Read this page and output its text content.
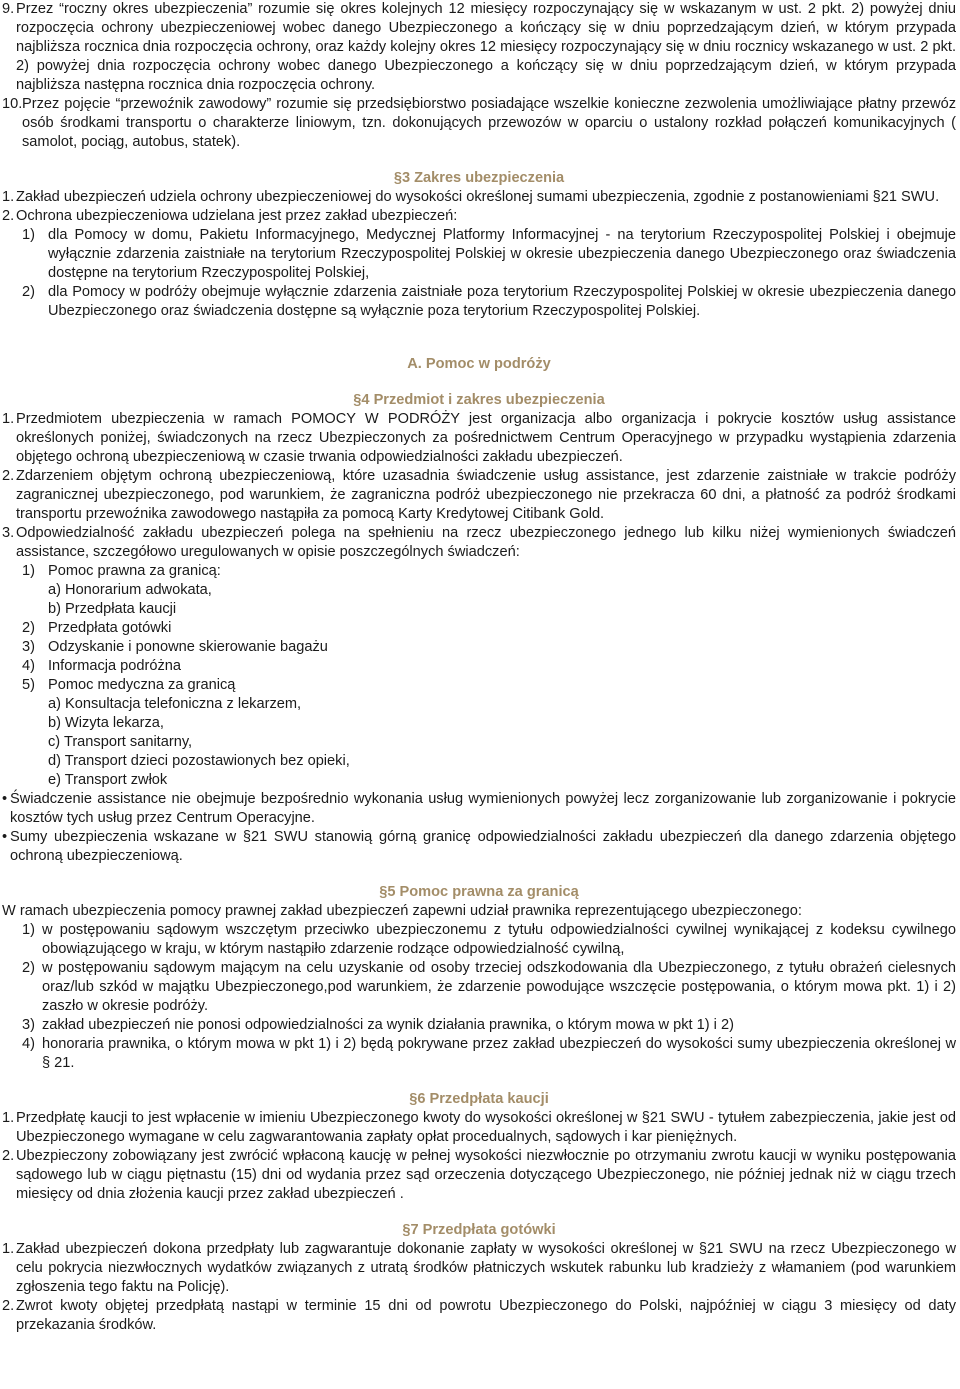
9. Przez “roczny okres ubezpieczenia” rozumie się okres kolejnych 12 miesięcy rozpoczynający się w wskazanym w ust. 2 pkt. 2) powyżej dniu rozpoczęcia ochrony ubezpieczeniowej wobec danego Ubezpieczonego a kończący się w dniu poprzedzającym dzień, w którym przypada najbliższa rocznica dnia rozpoczęcia ochrony, oraz każdy kolejny okres 12 miesięcy rozpoczynający się w dniu rocznicy wskazanego w ust. 2 pkt. 2) powyżej dnia rozpoczęcia ochrony wobec danego Ubezpieczonego a kończący się w dniu poprzedzającym dzień, w którym przypada najbliższa następna rocznica dnia rozpoczęcia ochrony.
10. Przez pojęcie “przewoźnik zawodowy” rozumie się przedsiębiorstwo posiadające wszelkie konieczne zezwolenia umożliwiające płatny przewóz osób środkami transportu o charakterze liniowym, tzn. dokonujących przewozów w oparciu o ustalony rozkład połączeń komunikacyjnych ( samolot, pociąg, autobus, statek).
§3 Zakres ubezpieczenia
1. Zakład ubezpieczeń udziela ochrony ubezpieczeniowej do wysokości określonej sumami ubezpieczenia, zgodnie z postanowieniami §21 SWU.
2. Ochrona ubezpieczeniowa udzielana jest przez zakład ubezpieczeń:
1) dla Pomocy w domu, Pakietu Informacyjnego, Medycznej Platformy Informacyjnej - na terytorium Rzeczypospolitej Polskiej i obejmuje wyłącznie zdarzenia zaistniałe na terytorium Rzeczypospolitej Polskiej w okresie ubezpieczenia danego Ubezpieczonego oraz świadczenia dostępne na terytorium Rzeczypospolitej Polskiej,
2) dla Pomocy w podróży obejmuje wyłącznie zdarzenia zaistniałe poza terytorium Rzeczypospolitej Polskiej w okresie ubezpieczenia danego Ubezpieczonego oraz świadczenia dostępne są wyłącznie poza terytorium Rzeczypospolitej Polskiej.
A. Pomoc w podróży
§4 Przedmiot i zakres ubezpieczenia
1. Przedmiotem ubezpieczenia w ramach POMOCY W PODRÓŻY jest organizacja albo organizacja i pokrycie kosztów usług assistance określonych poniżej, świadczonych na rzecz Ubezpieczonych za pośrednictwem Centrum Operacyjnego w przypadku wystąpienia zdarzenia objętego ochroną ubezpieczeniową w czasie trwania odpowiedzialności zakładu ubezpieczeń.
2. Zdarzeniem objętym ochroną ubezpieczeniową, które uzasadnia świadczenie usług assistance, jest zdarzenie zaistniałe w trakcie podróży zagranicznej ubezpieczonego, pod warunkiem, że zagraniczna podróż ubezpieczonego nie przekracza 60 dni, a płatność za podróż środkami transportu przewoźnika zawodowego nastąpiła za pomocą Karty Kredytowej Citibank Gold.
3. Odpowiedzialność zakładu ubezpieczeń polega na spełnieniu na rzecz ubezpieczonego jednego lub kilku niżej wymienionych świadczeń assistance, szczegółowo uregulowanych w opisie poszczególnych świadczeń:
1) Pomoc prawna za granicą:
a) Honorarium adwokata,
b) Przedpłata kaucji
2) Przedpłata gotówki
3) Odzyskanie i ponowne skierowanie bagażu
4) Informacja podróżna
5) Pomoc medyczna za granicą
a) Konsultacja telefoniczna z lekarzem,
b) Wizyta lekarza,
c) Transport sanitarny,
d) Transport dzieci pozostawionych bez opieki,
e) Transport zwłok
• Świadczenie assistance nie obejmuje bezpośrednio wykonania usług wymienionych powyżej lecz zorganizowanie lub zorganizowanie i pokrycie kosztów tych usług przez Centrum Operacyjne.
• Sumy ubezpieczenia wskazane w §21 SWU stanowią górną granicę odpowiedzialności zakładu ubezpieczeń dla danego zdarzenia objętego ochroną ubezpieczeniową.
§5 Pomoc prawna za granicą

W ramach ubezpieczenia pomocy prawnej zakład ubezpieczeń zapewni udział prawnika reprezentującego ubezpieczonego:

1) w postępowaniu sądowym wszczętym przeciwko ubezpieczonemu z tytułu odpowiedzialności cywilnej wynikającej z kodeksu cywilnego obowiązującego w kraju, w którym nastąpiło zdarzenie rodzące odpowiedzialność cywilną,
2) w postępowaniu sądowym mającym na celu uzyskanie od osoby trzeciej odszkodowania dla Ubezpieczonego, z tytułu obrażeń cielesnych oraz/lub szkód w majątku Ubezpieczonego,pod warunkiem, że zdarzenie powodujące wszczęcie postępowania, o którym mowa pkt. 1) i 2) zaszło w okresie podróży.
3) zakład ubezpieczeń nie ponosi odpowiedzialności za wynik działania prawnika, o którym mowa w pkt 1) i 2)
4) honoraria prawnika, o którym mowa w pkt 1) i 2) będą pokrywane przez zakład ubezpieczeń do wysokości sumy ubezpieczenia określonej w § 21.
§6 Przedpłata kaucji
1. Przedpłatę kaucji to jest wpłacenie w imieniu Ubezpieczonego kwoty do wysokości określonej w §21 SWU - tytułem zabezpieczenia, jakie jest od Ubezpieczonego wymagane w celu zagwarantowania zapłaty opłat procedualnych, sądowych i kar pieniężnych.
2. Ubezpieczony zobowiązany jest zwrócić wpłaconą kaucję w pełnej wysokości niezwłocznie po otrzymaniu zwrotu kaucji w wyniku postępowania sądowego lub w ciągu piętnastu (15) dni od wydania przez sąd orzeczenia dotyczącego Ubezpieczonego, nie później jednak niż w ciągu trzech miesięcy od dnia złożenia kaucji przez zakład ubezpieczeń .
§7 Przedpłata gotówki
1. Zakład ubezpieczeń dokona przedpłaty lub zagwarantuje dokonanie zapłaty w wysokości określonej w §21 SWU na rzecz Ubezpieczonego w celu pokrycia niezwłocznych wydatków związanych z utratą środków płatniczych wskutek rabunku lub kradzieży z włamaniem (pod warunkiem zgłoszenia tego faktu na Policję).
2. Zwrot kwoty objętej przedpłatą nastąpi w terminie 15 dni od powrotu Ubezpieczonego do Polski, najpóźniej w ciągu 3 miesięcy od daty przekazania środków.
